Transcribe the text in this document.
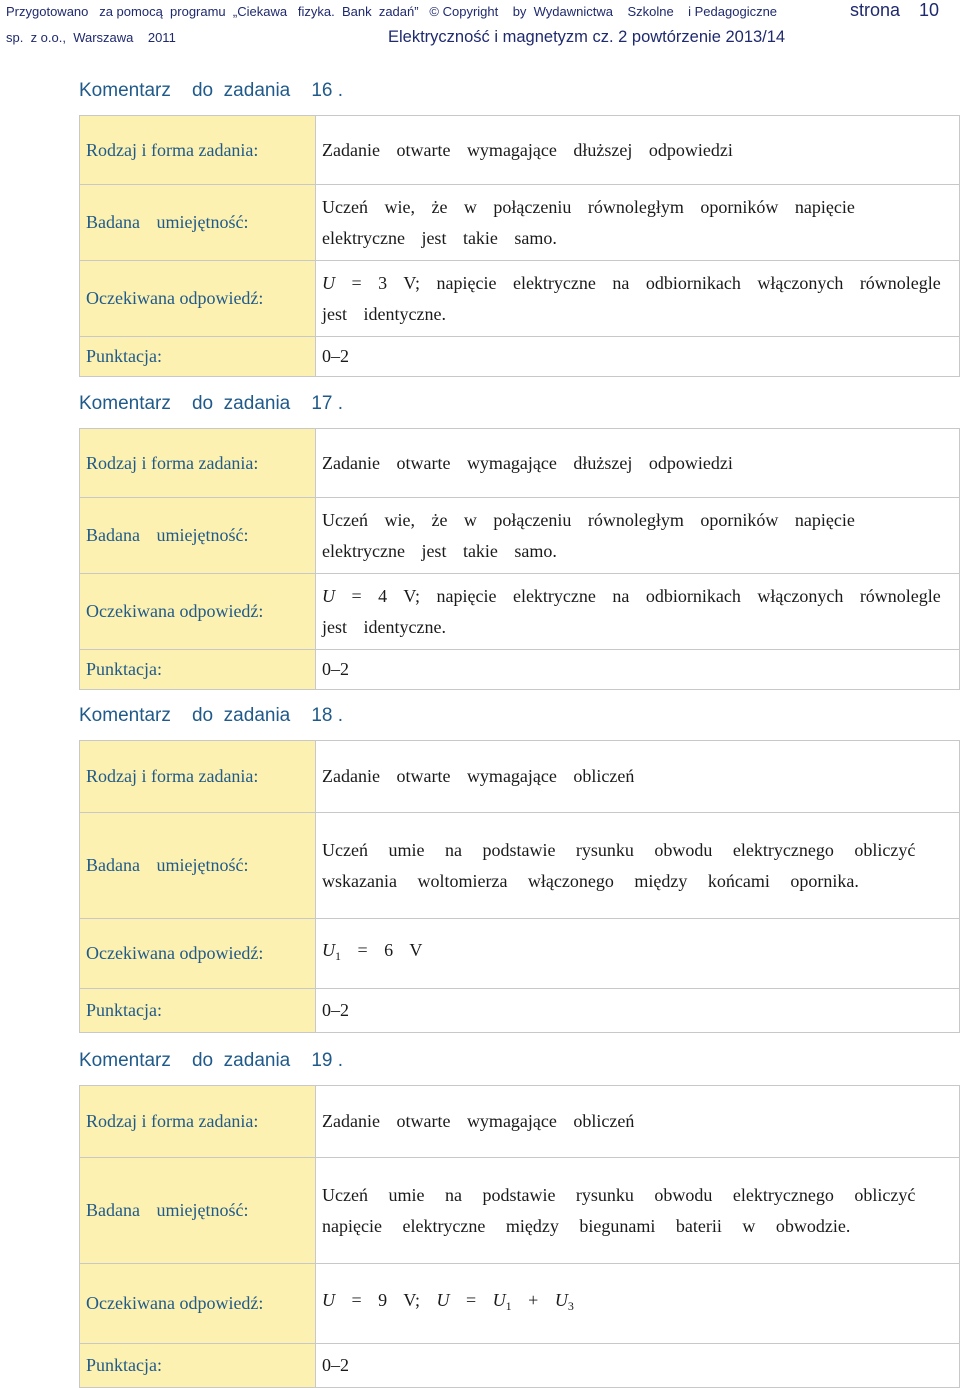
Przygotowano   za pomocą  programu  „Ciekawa   fizyka.  Bank  zadań”   © Copyright    by  Wydawnictwa    Szkolne    i Pedagogiczne
sp.  z o.o.,  Warszawa    2011	Elektryczność i magnetyzm cz. 2 powtórzenie 2013/14
strona 10
Komentarz    do  zadania    16 .
Rodzaj i forma zadania:	Zadanie otwarte wymagające dłuższej odpowiedzi
Badana umiejętność:	Uczeń wie, że w połączeniu równoległym oporników napięcie elektryczne jest takie samo.
Oczekiwana odpowiedź:	U = 3 V; napięcie elektryczne na odbiornikach włączonych równolegle jest identyczne.
Punktacja:	0–2
Komentarz    do  zadania    17 .
Rodzaj i forma zadania:	Zadanie otwarte wymagające dłuższej odpowiedzi
Badana umiejętność:	Uczeń wie, że w połączeniu równoległym oporników napięcie elektryczne jest takie samo.
Oczekiwana odpowiedź:	U = 4 V; napięcie elektryczne na odbiornikach włączonych równolegle jest identyczne.
Punktacja:	0–2
Komentarz    do  zadania    18 .
Rodzaj i forma zadania:	Zadanie otwarte wymagające obliczeń
Badana umiejętność:	Uczeń umie na podstawie rysunku obwodu elektrycznego obliczyć wskazania woltomierza włączonego między końcami opornika.
Oczekiwana odpowiedź:	$U_1 = 6$ V
Punktacja:	0–2
Komentarz    do  zadania    19 .
Rodzaj i forma zadania:	Zadanie otwarte wymagające obliczeń
Badana umiejętność:	Uczeń umie na podstawie rysunku obwodu elektrycznego obliczyć napięcie elektryczne między biegunami baterii w obwodzie.
Oczekiwana odpowiedź:	U = 9 V; $U = U_1 + U_3$
Punktacja:	0–2
